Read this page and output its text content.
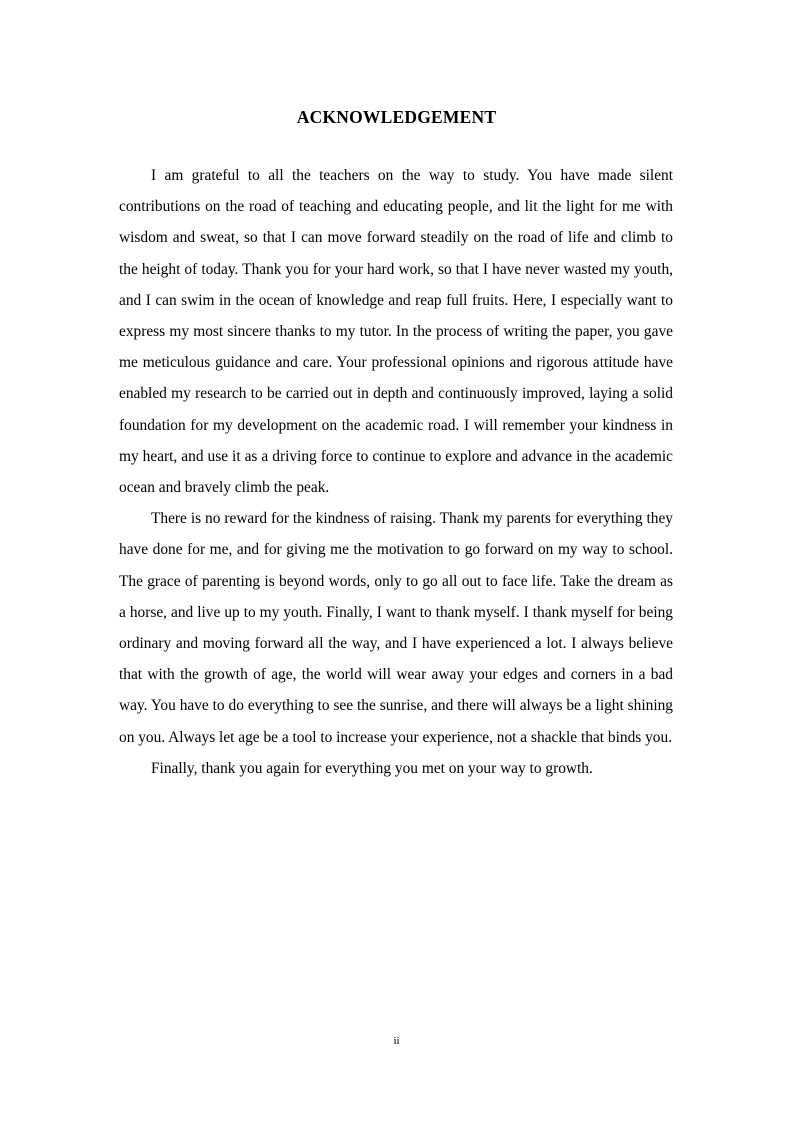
ACKNOWLEDGEMENT

I am grateful to all the teachers on the way to study. You have made silent contributions on the road of teaching and educating people, and lit the light for me with wisdom and sweat, so that I can move forward steadily on the road of life and climb to the height of today. Thank you for your hard work, so that I have never wasted my youth, and I can swim in the ocean of knowledge and reap full fruits. Here, I especially want to express my most sincere thanks to my tutor. In the process of writing the paper, you gave me meticulous guidance and care. Your professional opinions and rigorous attitude have enabled my research to be carried out in depth and continuously improved, laying a solid foundation for my development on the academic road. I will remember your kindness in my heart, and use it as a driving force to continue to explore and advance in the academic ocean and bravely climb the peak.

There is no reward for the kindness of raising. Thank my parents for everything they have done for me, and for giving me the motivation to go forward on my way to school. The grace of parenting is beyond words, only to go all out to face life. Take the dream as a horse, and live up to my youth. Finally, I want to thank myself. I thank myself for being ordinary and moving forward all the way, and I have experienced a lot. I always believe that with the growth of age, the world will wear away your edges and corners in a bad way. You have to do everything to see the sunrise, and there will always be a light shining on you. Always let age be a tool to increase your experience, not a shackle that binds you.

Finally, thank you again for everything you met on your way to growth.

ii
